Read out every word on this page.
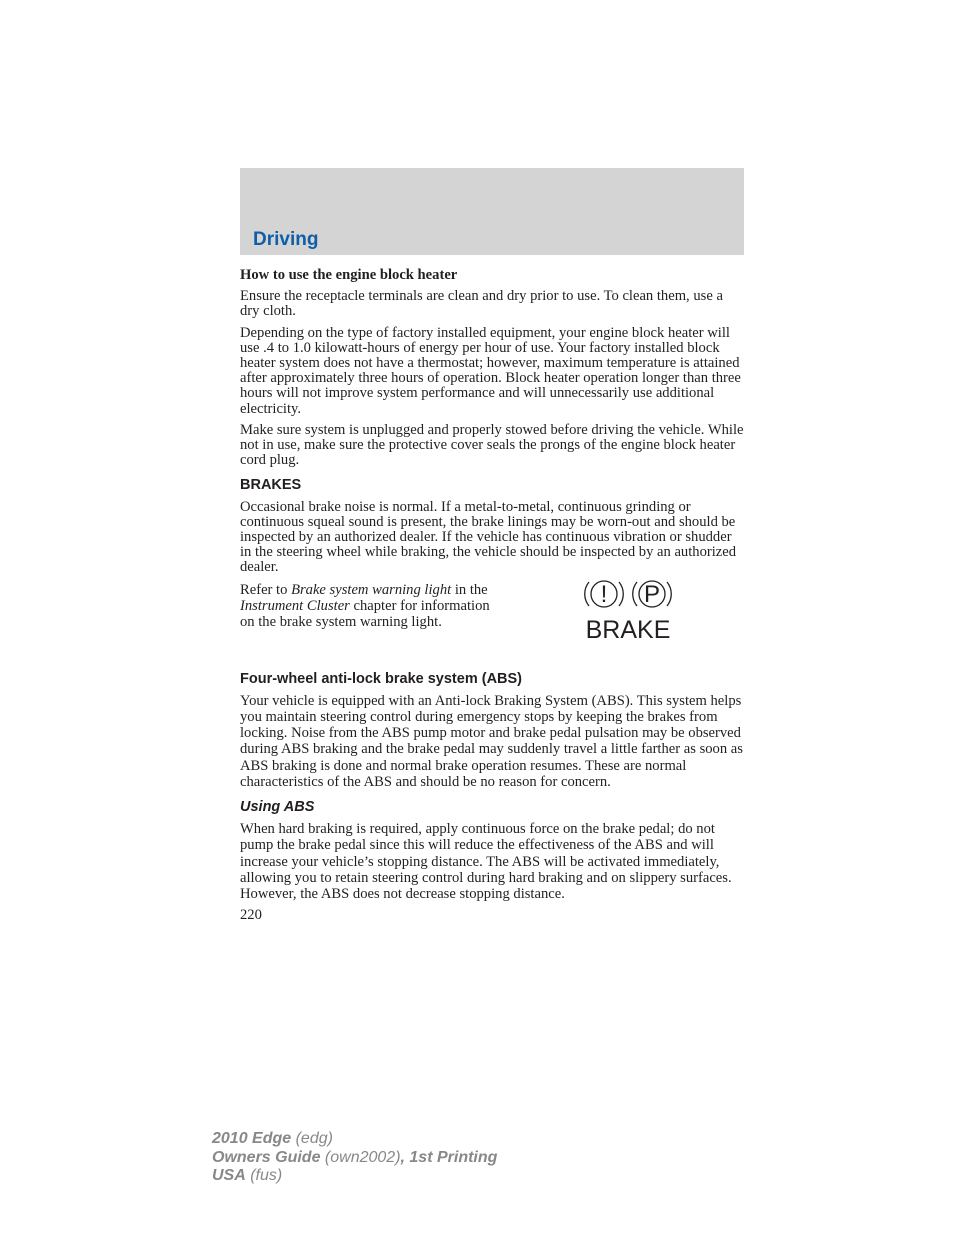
Driving
How to use the engine block heater

Ensure the receptacle terminals are clean and dry prior to use. To clean them, use a dry cloth.

Depending on the type of factory installed equipment, your engine block heater will use .4 to 1.0 kilowatt-hours of energy per hour of use. Your factory installed block heater system does not have a thermostat; however, maximum temperature is attained after approximately three hours of operation. Block heater operation longer than three hours will not improve system performance and will unnecessarily use additional electricity.

Make sure system is unplugged and properly stowed before driving the vehicle. While not in use, make sure the protective cover seals the prongs of the engine block heater cord plug.

BRAKES

Occasional brake noise is normal. If a metal-to-metal, continuous grinding or continuous squeal sound is present, the brake linings may be worn-out and should be inspected by an authorized dealer. If the vehicle has continuous vibration or shudder in the steering wheel while braking, the vehicle should be inspected by an authorized dealer.

Refer to Brake system warning light in the Instrument Cluster chapter for information on the brake system warning light.
! P
BRAKE
Four-wheel anti-lock brake system (ABS)

Your vehicle is equipped with an Anti-lock Braking System (ABS). This system helps you maintain steering control during emergency stops by keeping the brakes from locking. Noise from the ABS pump motor and brake pedal pulsation may be observed during ABS braking and the brake pedal may suddenly travel a little farther as soon as ABS braking is done and normal brake operation resumes. These are normal characteristics of the ABS and should be no reason for concern.

Using ABS

When hard braking is required, apply continuous force on the brake pedal; do not pump the brake pedal since this will reduce the effectiveness of the ABS and will increase your vehicle’s stopping distance. The ABS will be activated immediately, allowing you to retain steering control during hard braking and on slippery surfaces. However, the ABS does not decrease stopping distance.

220
2010 Edge (edg)
Owners Guide (own2002), 1st Printing
USA (fus)
